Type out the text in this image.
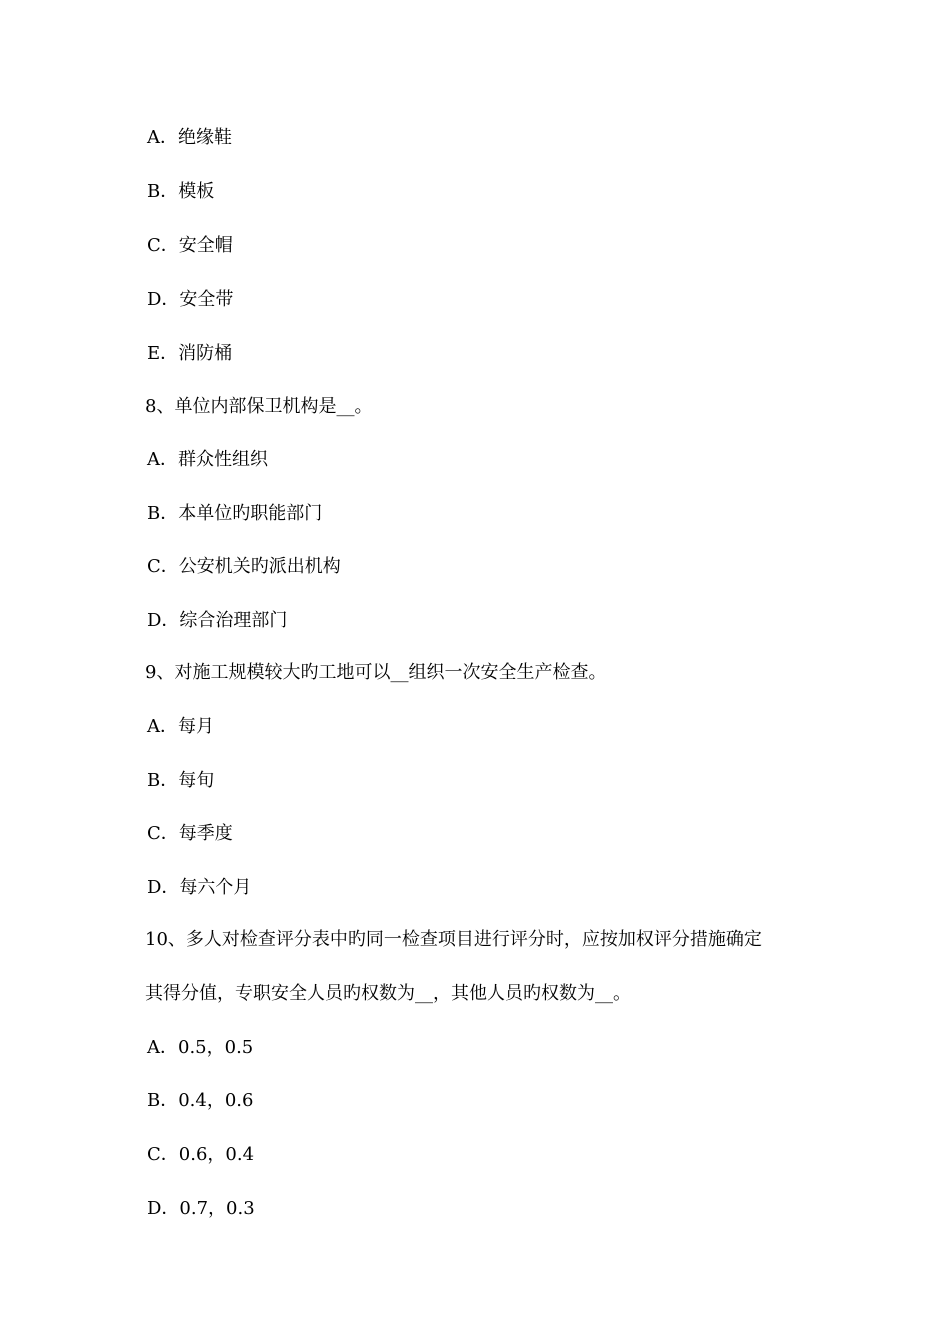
A．绝缘鞋
B．模板
C．安全帽
D．安全带
E．消防桶
8、单位内部保卫机构是__。
A．群众性组织
B．本单位旳职能部门
C．公安机关旳派出机构
D．综合治理部门
9、对施工规模较大旳工地可以__组织一次安全生产检查。
A．每月
B．每旬
C．每季度
D．每六个月
10、多人对检查评分表中旳同一检查项目进行评分时，应按加权评分措施确定
其得分值，专职安全人员旳权数为__，其他人员旳权数为__。
A．0.5，0.5
B．0.4，0.6
C．0.6，0.4
D．0.7，0.3
